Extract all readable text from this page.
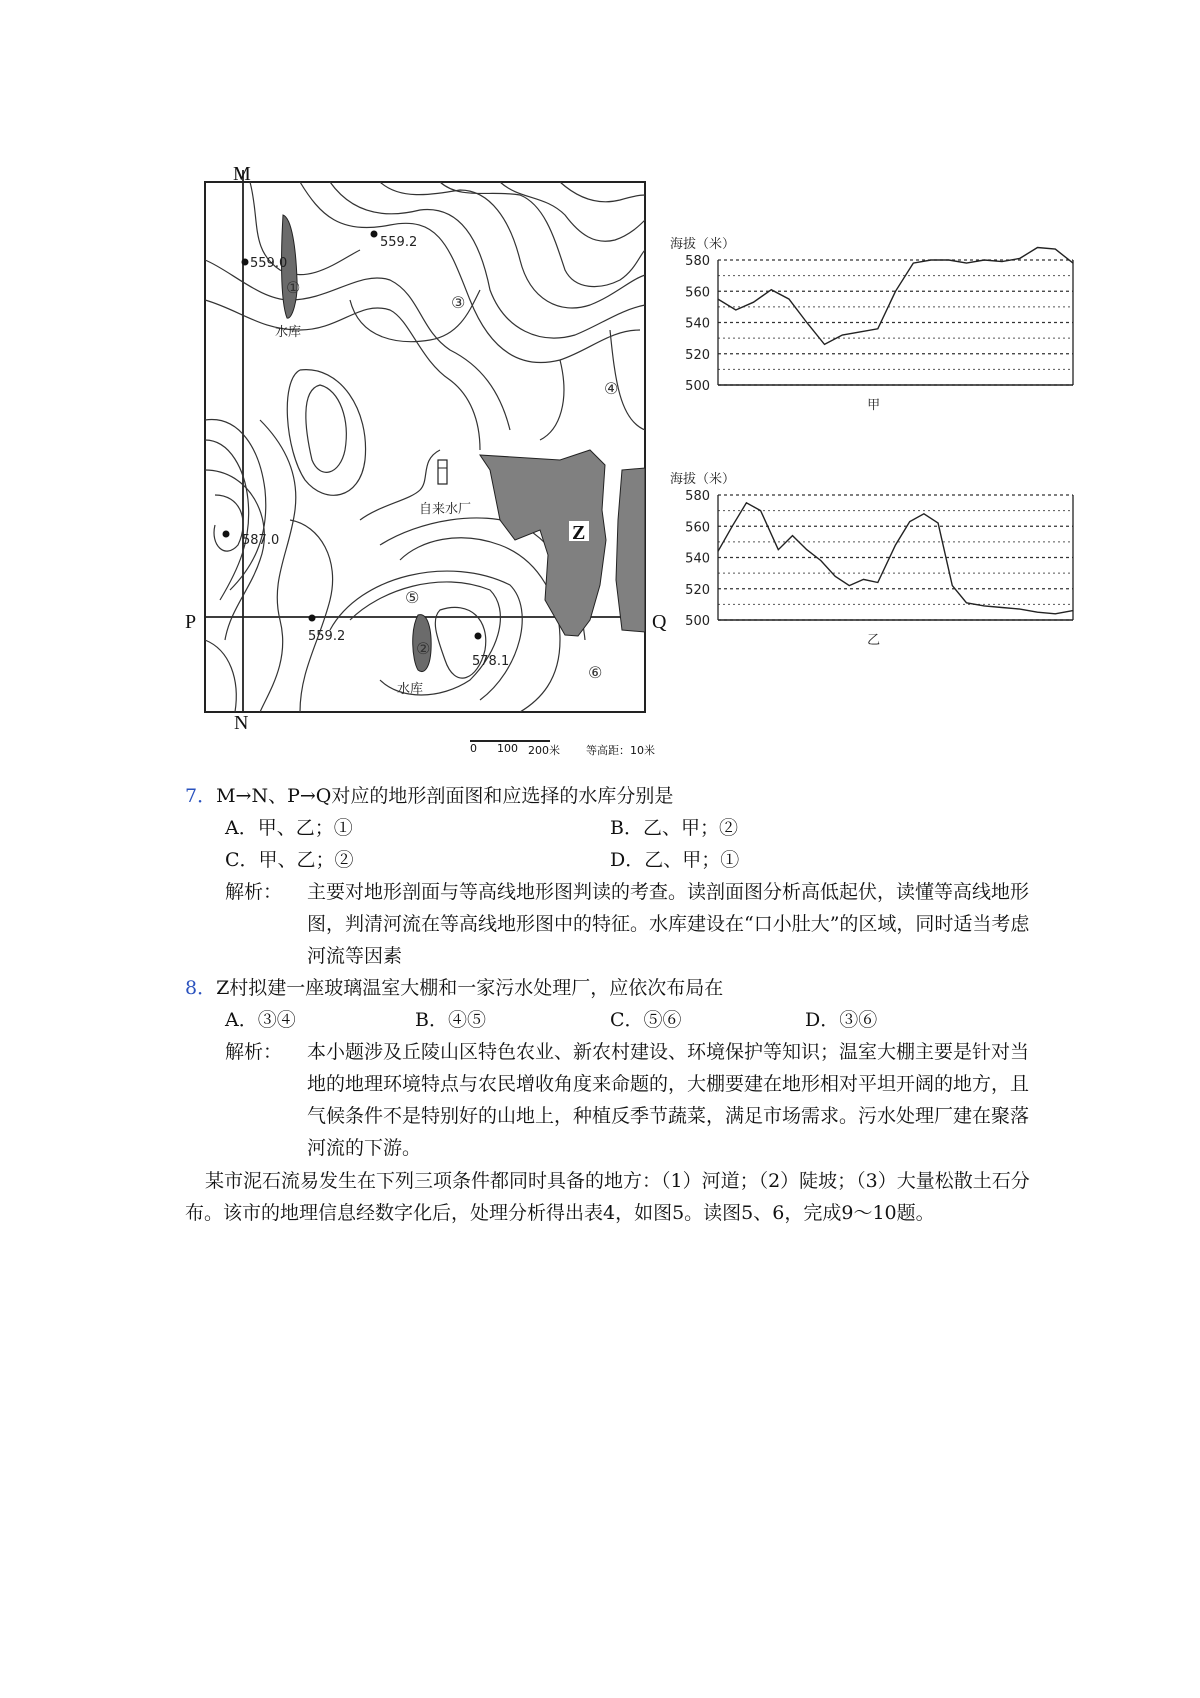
Z
559.0
559.2
587.0
559.2
578.1
水库
水库
自来水厂
①
②
③
④
⑤
⑥
M
N
P	Q
0 100 200米 等高距：10米
海拔（米）
500
520
540
560
580
甲
海拔（米）
500
520
540
560
580
乙
7．M→N、P→Q对应的地形剖面图和应选择的水库分别是
A．甲、乙；①	B．乙、甲；②
C．甲、乙；②	D．乙、甲；①
解析：	主要对地形剖面与等高线地形图判读的考查。读剖面图分析高低起伏，读懂等高线地形图，判清河流在等高线地形图中的特征。水库建设在“口小肚大”的区域，同时适当考虑河流等因素
8．Z村拟建一座玻璃温室大棚和一家污水处理厂，应依次布局在
A．③④	B．④⑤	C．⑤⑥	D．③⑥
解析：	本小题涉及丘陵山区特色农业、新农村建设、环境保护等知识；温室大棚主要是针对当地的地理环境特点与农民增收角度来命题的，大棚要建在地形相对平坦开阔的地方，且气候条件不是特别好的山地上，种植反季节蔬菜，满足市场需求。污水处理厂建在聚落河流的下游。
某市泥石流易发生在下列三项条件都同时具备的地方：（1）河道；（2）陡坡；（3）大量松散土石分布。该市的地理信息经数字化后，处理分析得出表4，如图5。读图5、6，完成9～10题。
